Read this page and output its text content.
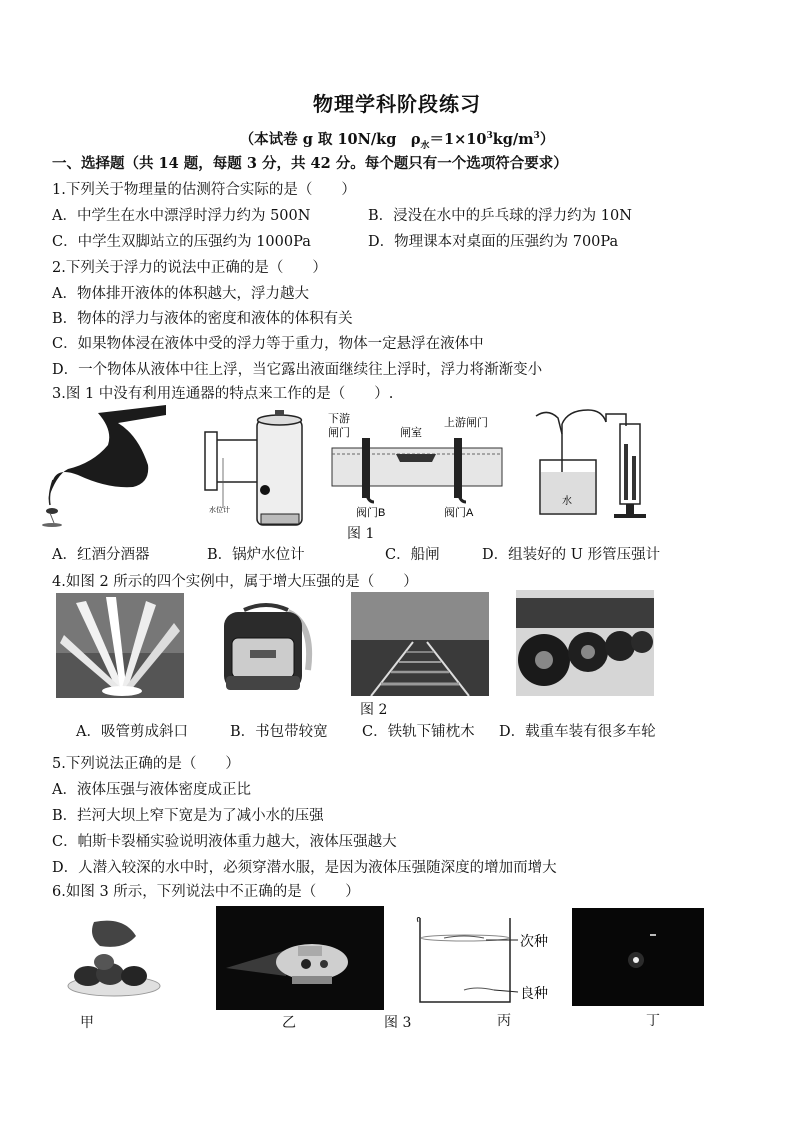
物理学科阶段练习
（本试卷 g 取 10N/kg　$\rho_水=1\times 10^3kg/m^3$）
一、选择题（共 14 题，每题 3 分，共 42 分。每个题只有一个选项符合要求）
1.下列关于物理量的估测符合实际的是（　　）
A．中学生在水中漂浮时浮力约为 500N	B．浸没在水中的乒乓球的浮力约为 10N
C．中学生双脚站立的压强约为 1000Pa	D．物理课本对桌面的压强约为 700Pa
2.下列关于浮力的说法中正确的是（　　）
A．物体排开液体的体积越大，浮力越大
B．物体的浮力与液体的密度和液体的体积有关
C．如果物体浸在液体中受的浮力等于重力，物体一定悬浮在液体中
D．一个物体从液体中往上浮，当它露出液面继续往上浮时，浮力将渐渐变小
3.图 1 中没有利用连通器的特点来工作的是（　　）.
水位计
下游
闸门	闸室
上游闸门
阀门B	阀门A
水
图 1
A．红酒分酒器	B．锅炉水位计	C．船闸	D．组装好的 U 形管压强计
4.如图 2 所示的四个实例中，属于增大压强的是（　　）
图 2
A．吸管剪成斜口	B．书包带较宽 C．铁轨下铺枕木 D．载重车装有很多车轮
5.下列说法正确的是（　　）
A．液体压强与液体密度成正比
B．拦河大坝上窄下宽是为了减小水的压强
C．帕斯卡裂桶实验说明液体重力越大，液体压强越大
D．人潜入较深的水中时，必须穿潜水服，是因为液体压强随深度的增加而增大
6.如图 3 所示，下列说法中不正确的是（　　）
次种
良种
甲	乙	图 3	丙	丁
